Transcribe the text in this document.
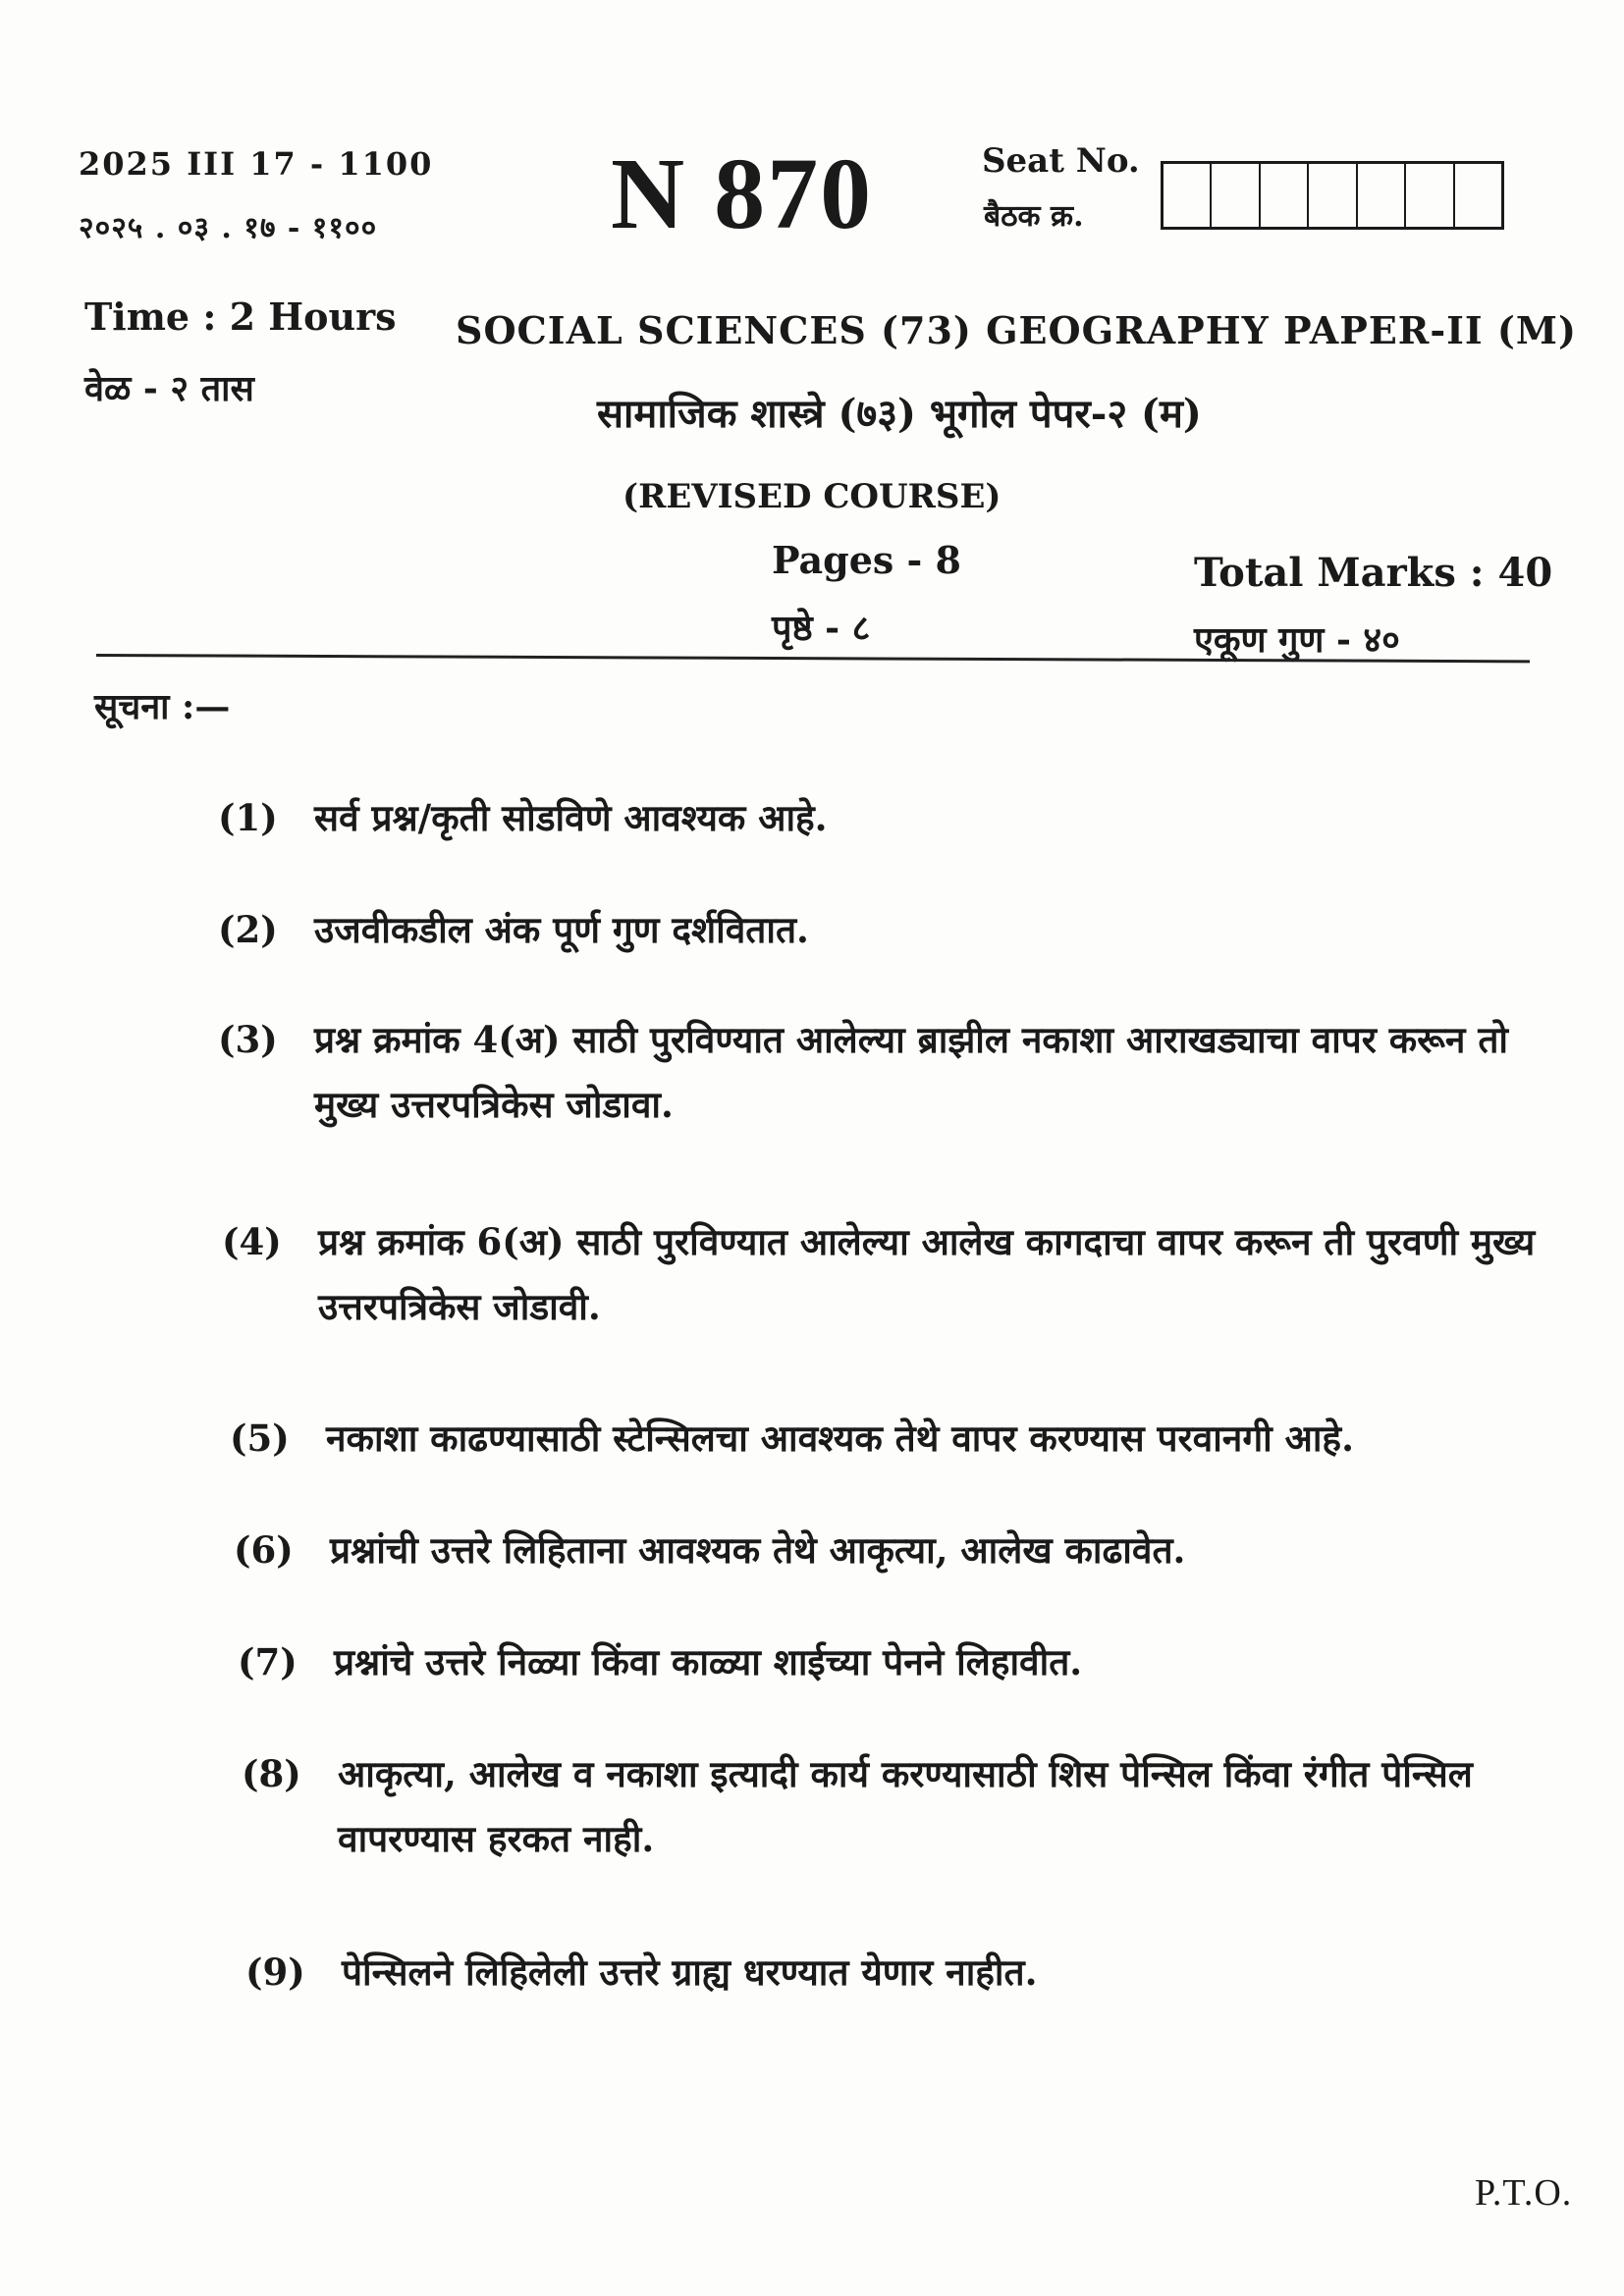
2025 III 17 - 1100
२०२५ . ०३ . १७ - ११०० N 870	Seat No.
बैठक क्र.
Time : 2 Hours
वेळ - २ तास
SOCIAL SCIENCES (73) GEOGRAPHY PAPER-II (M)
सामाजिक शास्त्रे (७३) भूगोल पेपर-२ (म)
(REVISED COURSE)
Pages - 8
पृष्ठे - ८
Total Marks : 40
एकूण गुण - ४०
सूचना :—
(1)	सर्व प्रश्न/कृती सोडविणे आवश्यक आहे.
(2)	उजवीकडील अंक पूर्ण गुण दर्शवितात.
(3)	प्रश्न क्रमांक 4(अ) साठी पुरविण्यात आलेल्या ब्राझील नकाशा आराखड्याचा वापर करून तो मुख्य उत्तरपत्रिकेस जोडावा.
(4)	प्रश्न क्रमांक 6(अ) साठी पुरविण्यात आलेल्या आलेख कागदाचा वापर करून ती पुरवणी मुख्य उत्तरपत्रिकेस जोडावी.
(5)	नकाशा काढण्यासाठी स्टेन्सिलचा आवश्यक तेथे वापर करण्यास परवानगी आहे.
(6)	प्रश्नांची उत्तरे लिहिताना आवश्यक तेथे आकृत्या, आलेख काढावेत.
(7)	प्रश्नांचे उत्तरे निळ्या किंवा काळ्या शाईच्या पेनने लिहावीत.
(8)	आकृत्या, आलेख व नकाशा इत्यादी कार्य करण्यासाठी शिस पेन्सिल किंवा रंगीत पेन्सिल वापरण्यास हरकत नाही.
(9)	पेन्सिलने लिहिलेली उत्तरे ग्राह्य धरण्यात येणार नाहीत.
P.T.O.
